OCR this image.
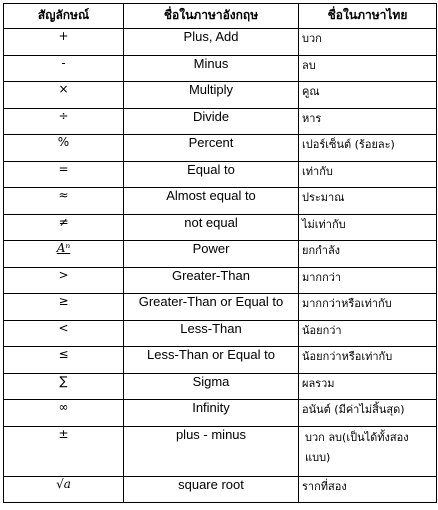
สัญลักษณ์	ชื่อในภาษาอังกฤษ	ชื่อในภาษาไทย
+	Plus, Add	บวก
-	Minus	ลบ
×	Multiply	คูณ
÷	Divide	หาร
%	Percent	เปอร์เซ็นต์ (ร้อยละ)
=	Equal to	เท่ากับ
≈	Almost equal to	ประมาณ
≠	not equal	ไม่เท่ากับ
Aⁿ	Power	ยกกำลัง
>	Greater-Than	มากกว่า
≥	Greater-Than or Equal to	มากกว่าหรือเท่ากับ
<	Less-Than	น้อยกว่า
≤	Less-Than or Equal to	น้อยกว่าหรือเท่ากับ
∑	Sigma	ผลรวม
∞	Infinity	อนันต์ (มีค่าไม่สิ้นสุด)
±	plus - minus	บวก ลบ(เป็นได้ทั้งสองแบบ)
√a	square root	รากที่สอง
